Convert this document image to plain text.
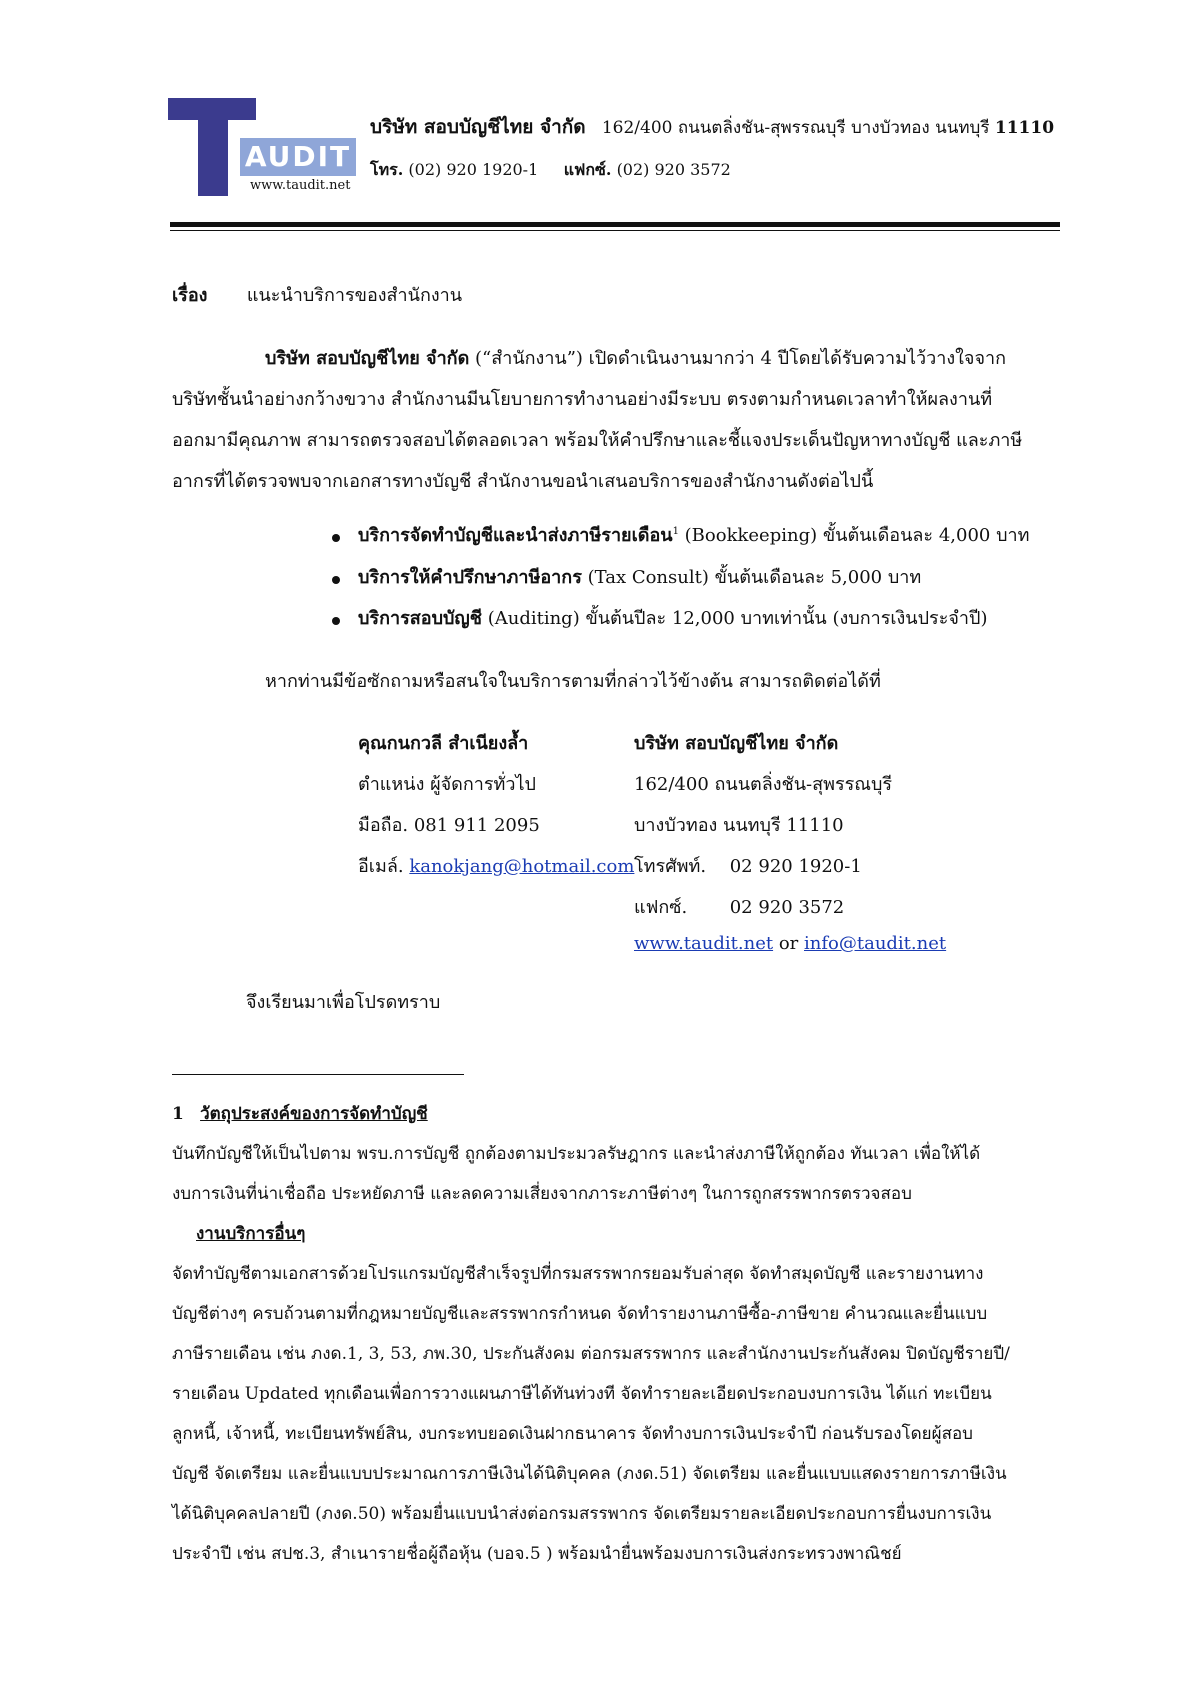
AUDIT
www.taudit.net
บริษัท สอบบัญชีไทย จำกัด 162/400 ถนนตลิ่งชัน-สุพรรณบุรี บางบัวทอง นนทบุรี 11110
โทร. (02) 920 1920-1 แฟกซ์. (02) 920 3572
เรื่อง แนะนำบริการของสำนักงาน
บริษัท สอบบัญชีไทย จำกัด (“สำนักงาน”) เปิดดำเนินงานมากว่า 4 ปีโดยได้รับความไว้วางใจจาก
บริษัทชั้นนำอย่างกว้างขวาง สำนักงานมีนโยบายการทำงานอย่างมีระบบ ตรงตามกำหนดเวลาทำให้ผลงานที่
ออกมามีคุณภาพ สามารถตรวจสอบได้ตลอดเวลา พร้อมให้คำปรึกษาและชี้แจงประเด็นปัญหาทางบัญชี และภาษี
อากรที่ได้ตรวจพบจากเอกสารทางบัญชี สำนักงานขอนำเสนอบริการของสำนักงานดังต่อไปนี้
บริการจัดทำบัญชีและนำส่งภาษีรายเดือน$^1$ (Bookkeeping) ขั้นต้นเดือนละ 4,000 บาท
บริการให้คำปรึกษาภาษีอากร (Tax Consult) ขั้นต้นเดือนละ 5,000 บาท
บริการสอบบัญชี (Auditing) ขั้นต้นปีละ 12,000 บาทเท่านั้น (งบการเงินประจำปี)
หากท่านมีข้อซักถามหรือสนใจในบริการตามที่กล่าวไว้ข้างต้น สามารถติดต่อได้ที่
คุณกนกวลี สำเนียงล้ำ
ตำแหน่ง ผู้จัดการทั่วไป
มือถือ. 081 911 2095
อีเมล์. kanokjang@hotmail.com
บริษัท สอบบัญชีไทย จำกัด
162/400 ถนนตลิ่งชัน-สุพรรณบุรี
บางบัวทอง นนทบุรี 11110
โทรศัพท์. 02 920 1920-1
แฟกซ์. 02 920 3572
www.taudit.net or info@taudit.net
จึงเรียนมาเพื่อโปรดทราบ
1 วัตถุประสงค์ของการจัดทำบัญชี
บันทึกบัญชีให้เป็นไปตาม พรบ.การบัญชี ถูกต้องตามประมวลรัษฎากร และนำส่งภาษีให้ถูกต้อง ทันเวลา เพื่อให้ได้
งบการเงินที่น่าเชื่อถือ ประหยัดภาษี และลดความเสี่ยงจากภาระภาษีต่างๆ ในการถูกสรรพากรตรวจสอบ
งานบริการอื่นๆ
จัดทำบัญชีตามเอกสารด้วยโปรแกรมบัญชีสำเร็จรูปที่กรมสรรพากรยอมรับล่าสุด จัดทำสมุดบัญชี และรายงานทาง
บัญชีต่างๆ ครบถ้วนตามที่กฎหมายบัญชีและสรรพากรกำหนด จัดทำรายงานภาษีซื้อ-ภาษีขาย คำนวณและยื่นแบบ
ภาษีรายเดือน เช่น ภงด.1, 3, 53, ภพ.30, ประกันสังคม ต่อกรมสรรพากร และสำนักงานประกันสังคม ปิดบัญชีรายปี/
รายเดือน Updated ทุกเดือนเพื่อการวางแผนภาษีได้ทันท่วงที จัดทำรายละเอียดประกอบงบการเงิน ได้แก่ ทะเบียน
ลูกหนี้, เจ้าหนี้, ทะเบียนทรัพย์สิน, งบกระทบยอดเงินฝากธนาคาร จัดทำงบการเงินประจำปี ก่อนรับรองโดยผู้สอบ
บัญชี จัดเตรียม และยื่นแบบประมาณการภาษีเงินได้นิติบุคคล (ภงด.51) จัดเตรียม และยื่นแบบแสดงรายการภาษีเงิน
ได้นิติบุคคลปลายปี (ภงด.50) พร้อมยื่นแบบนำส่งต่อกรมสรรพากร จัดเตรียมรายละเอียดประกอบการยื่นงบการเงิน
ประจำปี เช่น สปช.3, สำเนารายชื่อผู้ถือหุ้น (บอจ.5 ) พร้อมนำยื่นพร้อมงบการเงินส่งกระทรวงพาณิชย์
